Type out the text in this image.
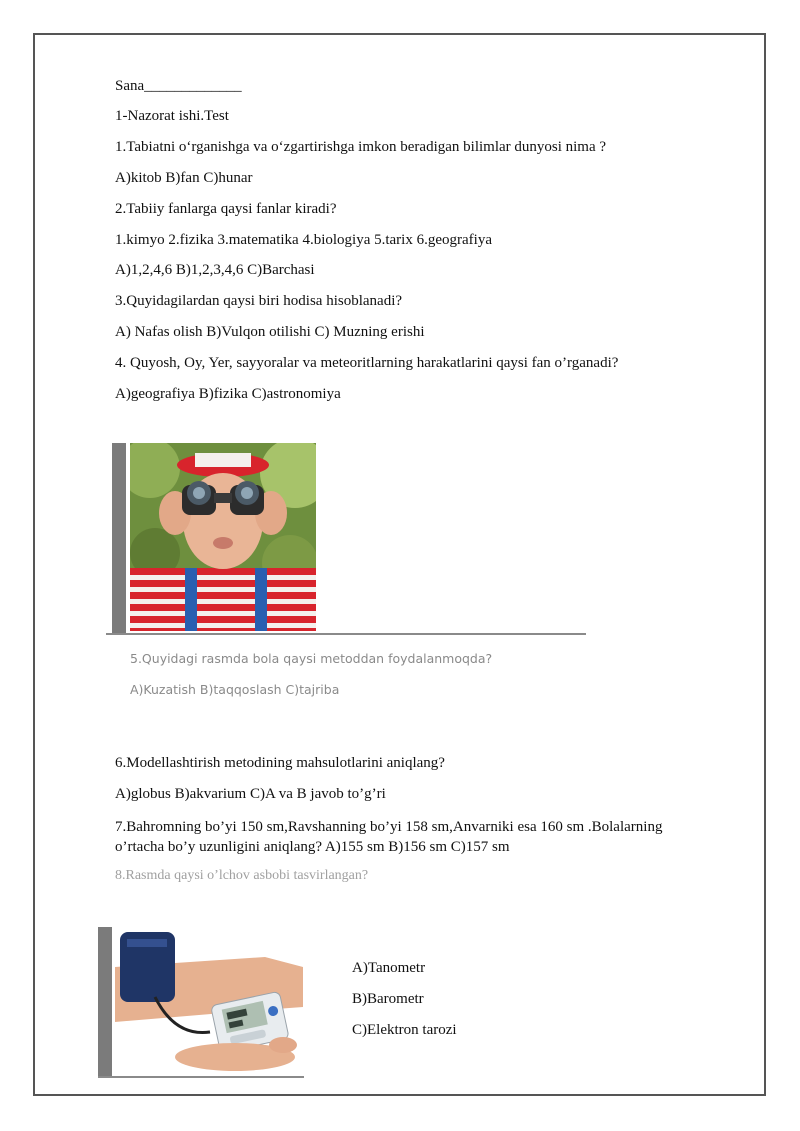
Sana_____________
1-Nazorat ishi.Test
1.Tabiatni o‘rganishga va o‘zgartirishga imkon beradigan bilimlar dunyosi nima ?
A)kitob B)fan C)hunar
2.Tabiiy fanlarga qaysi fanlar kiradi?
1.kimyo 2.fizika 3.matematika 4.biologiya 5.tarix 6.geografiya
A)1,2,4,6 B)1,2,3,4,6 C)Barchasi
3.Quyidagilardan qaysi biri hodisa hisoblanadi?
A) Nafas olish B)Vulqon otilishi C) Muzning erishi
4. Quyosh, Oy, Yer, sayyoralar va meteoritlarning harakatlarini qaysi fan o’rganadi?
A)geografiya B)fizika C)astronomiya
5.Quyidagi rasmda bola qaysi metoddan foydalanmoqda?
A)Kuzatish B)taqqoslash C)tajriba
6.Modellashtirish metodining mahsulotlarini aniqlang?
A)globus B)akvarium C)A va B javob to’g’ri
7.Bahromning bo’yi 150 sm,Ravshanning bo’yi 158 sm,Anvarniki esa 160 sm .Bolalarning o’rtacha bo’y uzunligini aniqlang? A)155 sm B)156 sm C)157 sm
8.Rasmda qaysi o’lchov asbobi tasvirlangan?
A)Tanometr
B)Barometr
C)Elektron tarozi
